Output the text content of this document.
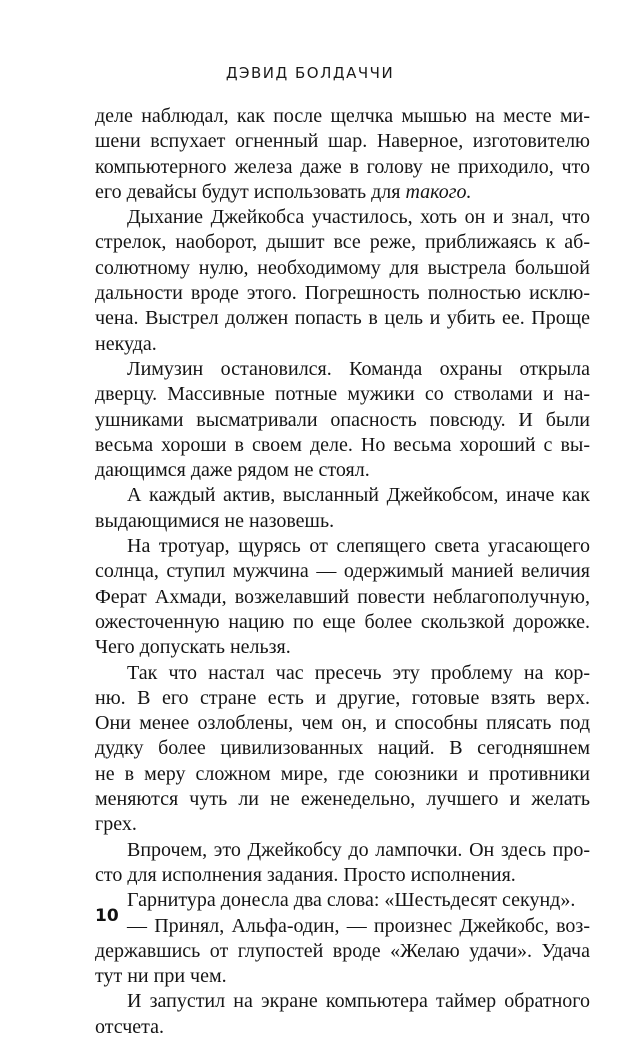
ДЭВИД БОЛДАЧЧИ

деле наблюдал, как после щелчка мышью на месте ми-
шени вспухает огненный шар. Наверное, изготовителю
компьютерного железа даже в голову не приходило, что
его девайсы будут использовать для такого.

Дыхание Джейкобса участилось, хоть он и знал, что
стрелок, наоборот, дышит все реже, приближаясь к аб-
солютному нулю, необходимому для выстрела большой
дальности вроде этого. Погрешность полностью исклю-
чена. Выстрел должен попасть в цель и убить ее. Проще
некуда.

Лимузин остановился. Команда охраны открыла
дверцу. Массивные потные мужики со стволами и на-
ушниками высматривали опасность повсюду. И были
весьма хороши в своем деле. Но весьма хороший с вы-
дающимся даже рядом не стоял.

А каждый актив, высланный Джейкобсом, иначе как
выдающимися не назовешь.

На тротуар, щурясь от слепящего света угасающего
солнца, ступил мужчина — одержимый манией величия
Ферат Ахмади, возжелавший повести неблагополучную,
ожесточенную нацию по еще более скользкой дорожке.
Чего допускать нельзя.

Так что настал час пресечь эту проблему на кор-
ню. В его стране есть и другие, готовые взять верх.
Они менее озлоблены, чем он, и способны плясать под
дудку более цивилизованных наций. В сегодняшнем
не в меру сложном мире, где союзники и противники
меняются чуть ли не еженедельно, лучшего и желать
грех.

Впрочем, это Джейкобсу до лампочки. Он здесь про-
сто для исполнения задания. Просто исполнения.

Гарнитура донесла два слова: «Шестьдесят секунд».

— Принял, Альфа-один, — произнес Джейкобс, воз-
державшись от глупостей вроде «Желаю удачи». Удача
тут ни при чем.

И запустил на экране компьютера таймер обратного
отсчета.

10
